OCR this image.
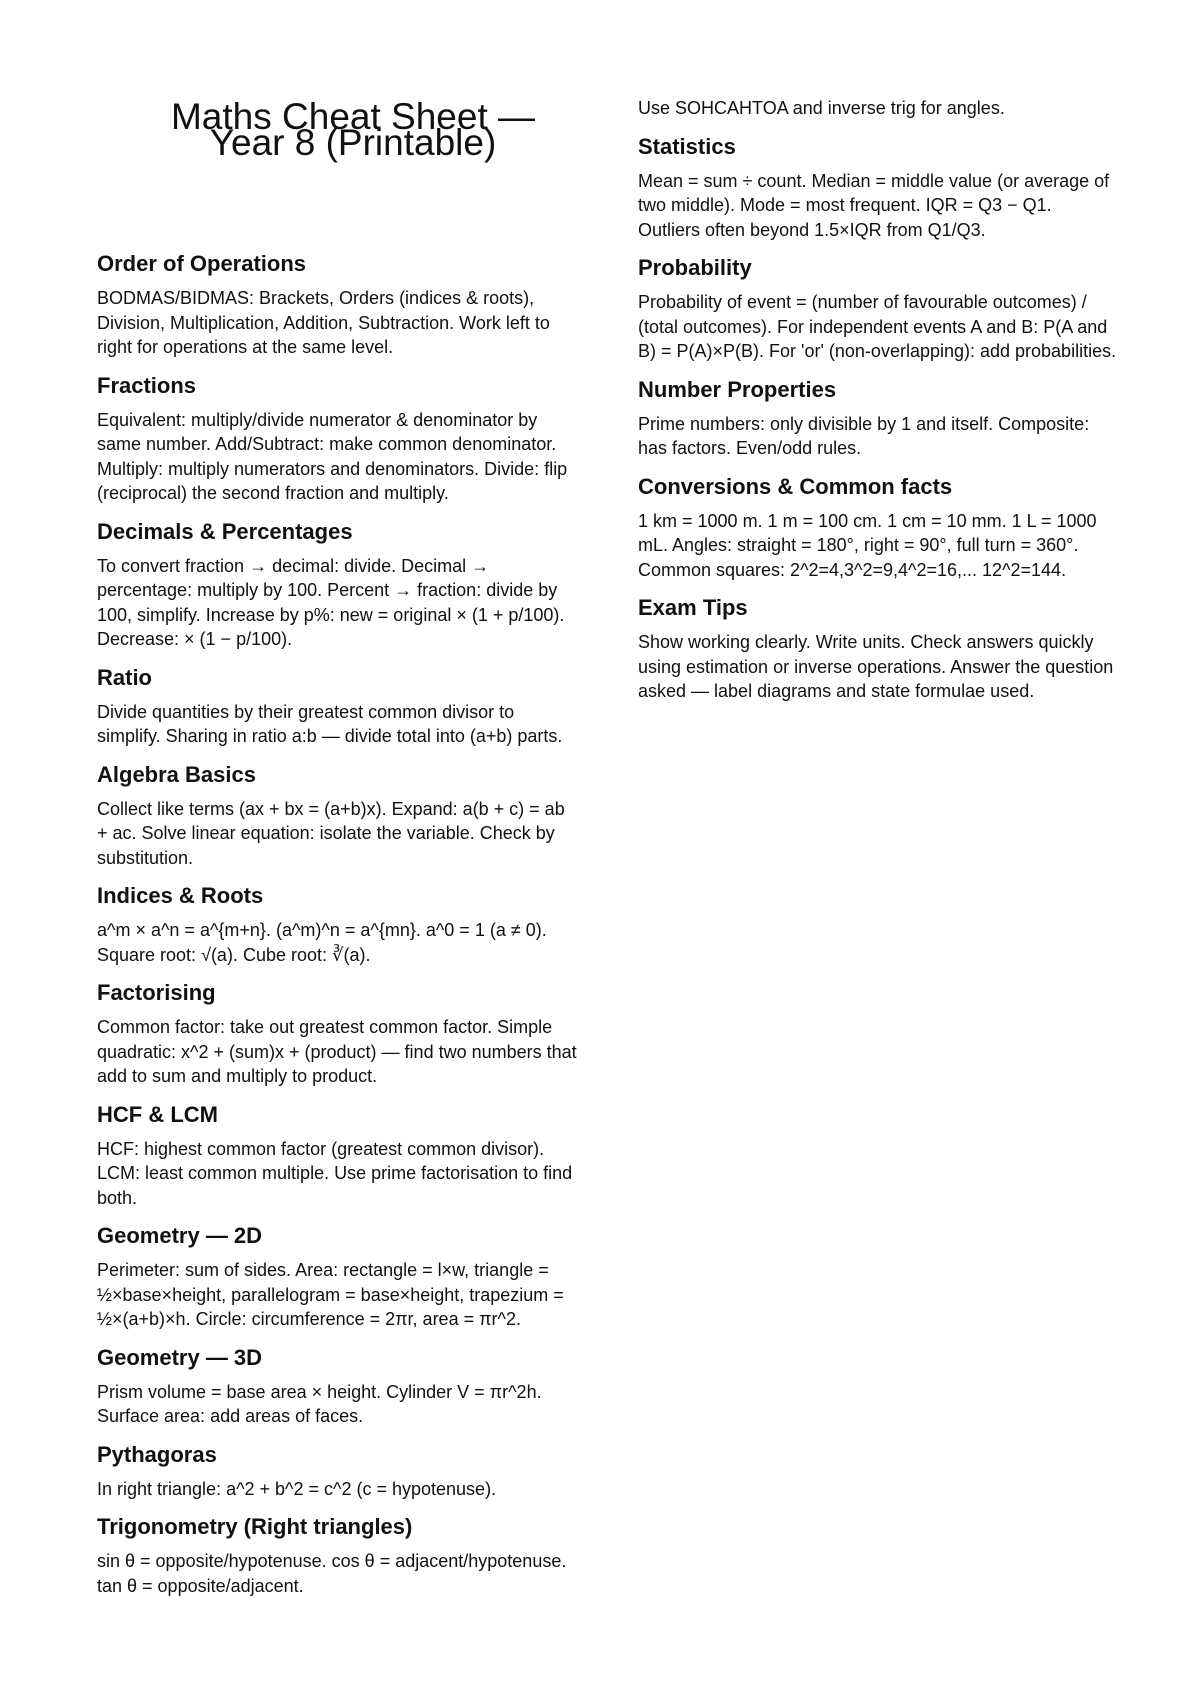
Maths Cheat Sheet — Year 8 (Printable)
Order of Operations

BODMAS/BIDMAS: Brackets, Orders (indices & roots), Division, Multiplication, Addition, Subtraction. Work left to right for operations at the same level.

Fractions

Equivalent: multiply/divide numerator & denominator by same number. Add/Subtract: make common denominator. Multiply: multiply numerators and denominators. Divide: flip (reciprocal) the second fraction and multiply.

Decimals & Percentages

To convert fraction → decimal: divide. Decimal → percentage: multiply by 100. Percent → fraction: divide by 100, simplify. Increase by p%: new = original × (1 + p/100). Decrease: × (1 − p/100).

Ratio

Divide quantities by their greatest common divisor to simplify. Sharing in ratio a:b — divide total into (a+b) parts.

Algebra Basics

Collect like terms (ax + bx = (a+b)x). Expand: a(b + c) = ab + ac. Solve linear equation: isolate the variable. Check by substitution.

Indices & Roots

a^m × a^n = a^{m+n}. (a^m)^n = a^{mn}. a^0 = 1 (a ≠ 0). Square root: √(a). Cube root: ∛(a).

Factorising

Common factor: take out greatest common factor. Simple quadratic: x^2 + (sum)x + (product) — find two numbers that add to sum and multiply to product.

HCF & LCM

HCF: highest common factor (greatest common divisor). LCM: least common multiple. Use prime factorisation to find both.

Geometry — 2D

Perimeter: sum of sides. Area: rectangle = l×w, triangle = ½×base×height, parallelogram = base×height, trapezium = ½×(a+b)×h. Circle: circumference = 2πr, area = πr^2.

Geometry — 3D

Prism volume = base area × height. Cylinder V = πr^2h. Surface area: add areas of faces.

Pythagoras

In right triangle: a^2 + b^2 = c^2 (c = hypotenuse).

Trigonometry (Right triangles)

sin θ = opposite/hypotenuse. cos θ = adjacent/hypotenuse. tan θ = opposite/adjacent.

Use SOHCAHTOA and inverse trig for angles.

Statistics

Mean = sum ÷ count. Median = middle value (or average of two middle). Mode = most frequent. IQR = Q3 − Q1. Outliers often beyond 1.5×IQR from Q1/Q3.

Probability

Probability of event = (number of favourable outcomes) / (total outcomes). For independent events A and B: P(A and B) = P(A)×P(B). For 'or' (non-overlapping): add probabilities.

Number Properties

Prime numbers: only divisible by 1 and itself. Composite: has factors. Even/odd rules.

Conversions & Common facts

1 km = 1000 m. 1 m = 100 cm. 1 cm = 10 mm. 1 L = 1000 mL. Angles: straight = 180°, right = 90°, full turn = 360°. Common squares: 2^2=4,3^2=9,4^2=16,... 12^2=144.

Exam Tips

Show working clearly. Write units. Check answers quickly using estimation or inverse operations. Answer the question asked — label diagrams and state formulae used.
